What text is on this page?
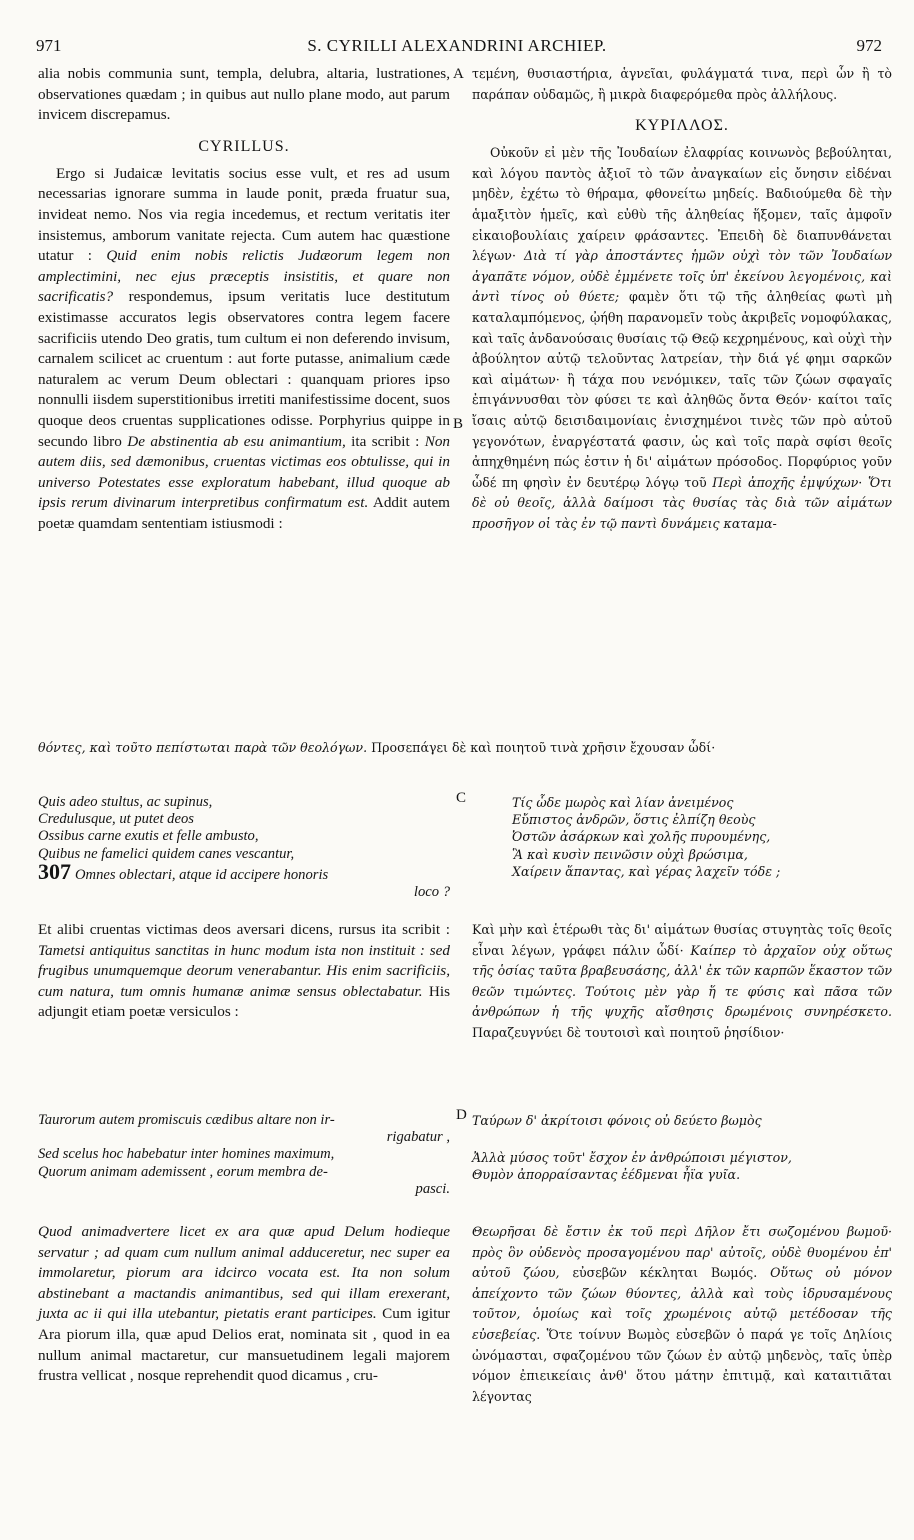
971	S. CYRILLI ALEXANDRINI ARCHIEP.	972
A
B
C
D
alia nobis communia sunt, templa, delubra, altaria, lustrationes, observationes quædam ; in quibus aut nullo plane modo, aut parum invicem discrepamus.
CYRILLUS.
Ergo si Judaicæ levitatis socius esse vult, et res ad usum necessarias ignorare summa in laude ponit, præda fruatur sua, invideat nemo. Nos via regia incedemus, et rectum veritatis iter insistemus, amborum vanitate rejecta. Cum autem hac quæstione utatur : Quid enim nobis relictis Judæorum legem non amplectimini, nec ejus præceptis insistitis, et quare non sacrificatis? respondemus, ipsum veritatis luce destitutum existimasse accuratos legis observatores contra legem facere sacrificiis utendo Deo gratis, tum cultum ei non deferendo invisum, carnalem scilicet ac cruentum : aut forte putasse, animalium cæde naturalem ac verum Deum oblectari : quanquam priores ipso nonnulli iisdem superstitionibus irretiti manifestissime docent, suos quoque deos cruentas supplicationes odisse. Porphyrius quippe in secundo libro De abstinentia ab esu animantium, ita scribit : Non autem diis, sed dæmonibus, cruentas victimas eos obtulisse, qui in universo Potestates esse exploratum habebant, illud quoque ab ipsis rerum divinarum interpretibus confirmatum est. Addit autem poetæ quamdam sententiam istiusmodi :
τεμένη, θυσιαστήρια, ἁγνεῖαι, φυλάγματά τινα, περὶ ὧν ἢ τὸ παράπαν οὐδαμῶς, ἢ μικρὰ διαφερόμεθα πρὸς ἀλλήλους.
ΚΥΡΙΛΛΟΣ.
Οὐκοῦν εἰ μὲν τῆς Ἰουδαίων ἐλαφρίας κοινωνὸς βεβούληται, καὶ λόγου παντὸς ἀξιοῖ τὸ τῶν ἀναγκαίων εἰς ὄνησιν εἰδέναι μηδὲν, ἐχέτω τὸ θήραμα, φθονείτω μηδείς. Βαδιούμεθα δὲ τὴν ἁμαξιτὸν ἡμεῖς, καὶ εὐθὺ τῆς ἀληθείας ἥξομεν, ταῖς ἀμφοῖν εἰκαιοβουλίαις χαίρειν φράσαντες. Ἐπειδὴ δὲ διαπυνθάνεται λέγων· Διὰ τί γὰρ ἀποστάντες ἡμῶν οὐχὶ τὸν τῶν Ἰουδαίων ἀγαπᾶτε νόμον, οὐδὲ ἐμμένετε τοῖς ὑπ' ἐκείνου λεγομένοις, καὶ ἀντὶ τίνος οὐ θύετε; φαμὲν ὅτι τῷ τῆς ἀληθείας φωτὶ μὴ καταλαμπόμενος, ᾠήθη παρανομεῖν τοὺς ἀκριβεῖς νομοφύλακας, καὶ ταῖς ἀνδανούσαις θυσίαις τῷ Θεῷ κεχρημένους, καὶ οὐχὶ τὴν ἀβούλητον αὐτῷ τελοῦντας λατρείαν, τὴν διά γέ φημι σαρκῶν καὶ αἱμάτων· ἢ τάχα που νενόμικεν, ταῖς τῶν ζώων σφαγαῖς ἐπιγάννυσθαι τὸν φύσει τε καὶ ἀληθῶς ὄντα Θεόν· καίτοι ταῖς ἴσαις αὐτῷ δεισιδαιμονίαις ἐνισχημένοι τινὲς τῶν πρὸ αὐτοῦ γεγονότων, ἐναργέστατά φασιν, ὡς καὶ τοῖς παρὰ σφίσι θεοῖς ἀπηχθημένη πώς ἐστιν ἡ δι' αἱμάτων πρόσοδος. Πορφύριος γοῦν ὧδέ πη φησὶν ἐν δευτέρῳ λόγῳ τοῦ Περὶ ἀποχῆς ἐμψύχων· Ὅτι δὲ οὐ θεοῖς, ἀλλὰ δαίμοσι τὰς θυσίας τὰς διὰ τῶν αἱμάτων προσῆγον οἱ τὰς ἐν τῷ παντὶ δυνάμεις καταμα-
θόντες, καὶ τοῦτο πεπίστωται παρὰ τῶν θεολόγων. Προσεπάγει δὲ καὶ ποιητοῦ τινὰ χρῆσιν ἔχουσαν ὧδί·
Quis adeo stultus, ac supinus,
Credulusque, ut putet deos
Ossibus carne exutis et felle ambusto,
Quibus ne famelici quidem canes vescantur,
307 Omnes oblectari, atque id accipere honoris
loco ?
Τίς ὧδε μωρὸς καὶ λίαν ἀνειμένος
Εὔπιστος ἀνδρῶν, ὅστις ἐλπίζη θεοὺς
Ὀστῶν ἀσάρκων καὶ χολῆς πυρουμένης,
Ἃ καὶ κυσὶν πεινῶσιν οὐχὶ βρώσιμα,
Χαίρειν ἅπαντας, καὶ γέρας λαχεῖν τόδε ;
Et alibi cruentas victimas deos aversari dicens, rursus ita scribit : Tametsi antiquitus sanctitas in hunc modum ista non instituit : sed frugibus unumquemque deorum venerabantur. His enim sacrificiis, cum natura, tum omnis humanæ animæ sensus oblectabatur. His adjungit etiam poetæ versiculos :
Καὶ μὴν καὶ ἑτέρωθι τὰς δι' αἱμάτων θυσίας στυγητὰς τοῖς θεοῖς εἶναι λέγων, γράφει πάλιν ὧδί· Καίπερ τὸ ἀρχαῖον οὐχ οὕτως τῆς ὁσίας ταῦτα βραβευσάσης, ἀλλ' ἐκ τῶν καρπῶν ἕκαστον τῶν θεῶν τιμώντες. Τούτοις μὲν γὰρ ἥ τε φύσις καὶ πᾶσα τῶν ἀνθρώπων ἡ τῆς ψυχῆς αἴσθησις δρωμένοις συνηρέσκετο. Παραζευγνύει δὲ τουτοισὶ καὶ ποιητοῦ ῥησίδιον·
Taurorum autem promiscuis cædibus altare non ir-
rigabatur ,
Sed scelus hoc habebatur inter homines maximum,
Quorum animam ademissent , eorum membra de-
pasci.
Ταύρων δ' ἀκρίτοισι φόνοις οὐ δεύετο βωμὸς
Ἀλλὰ μύσος τοῦτ' ἔσχον ἐν ἀνθρώποισι μέγιστον,
Θυμὸν ἀπορραίσαντας ἐέδμεναι ἦϊα γυῖα.
Quod animadvertere licet ex ara quæ apud Delum hodieque servatur ; ad quam cum nullum animal adduceretur, nec super ea immolaretur, piorum ara idcirco vocata est. Ita non solum abstinebant a mactandis animantibus, sed qui illam erexerant, juxta ac ii qui illa utebantur, pietatis erant participes. Cum igitur Ara piorum illa, quæ apud Delios erat, nominata sit , quod in ea nullum animal mactaretur, cur mansuetudinem legali majorem frustra vellicat , nosque reprehendit quod dicamus , cru-
Θεωρῆσαι δὲ ἔστιν ἐκ τοῦ περὶ Δῆλον ἔτι σωζομένου βωμοῦ· πρὸς ὃν οὐδενὸς προσαγομένου παρ' αὐτοῖς, οὐδὲ θυομένου ἐπ' αὐτοῦ ζώου, εὐσεβῶν κέκληται Βωμός. Οὕτως οὐ μόνον ἀπείχοντο τῶν ζώων θύοντες, ἀλλὰ καὶ τοὺς ἱδρυσαμένους τοῦτον, ὁμοίως καὶ τοῖς χρωμένοις αὐτῷ μετέδοσαν τῆς εὐσεβείας. Ὅτε τοίνυν Βωμὸς εὐσεβῶν ὁ παρά γε τοῖς Δηλίοις ὠνόμασται, σφαζομένου τῶν ζώων ἐν αὐτῷ μηδενὸς, ταῖς ὑπὲρ νόμον ἐπιεικείαις ἀνθ' ὅτου μάτην ἐπιτιμᾷ, καὶ καταιτιᾶται λέγοντας
